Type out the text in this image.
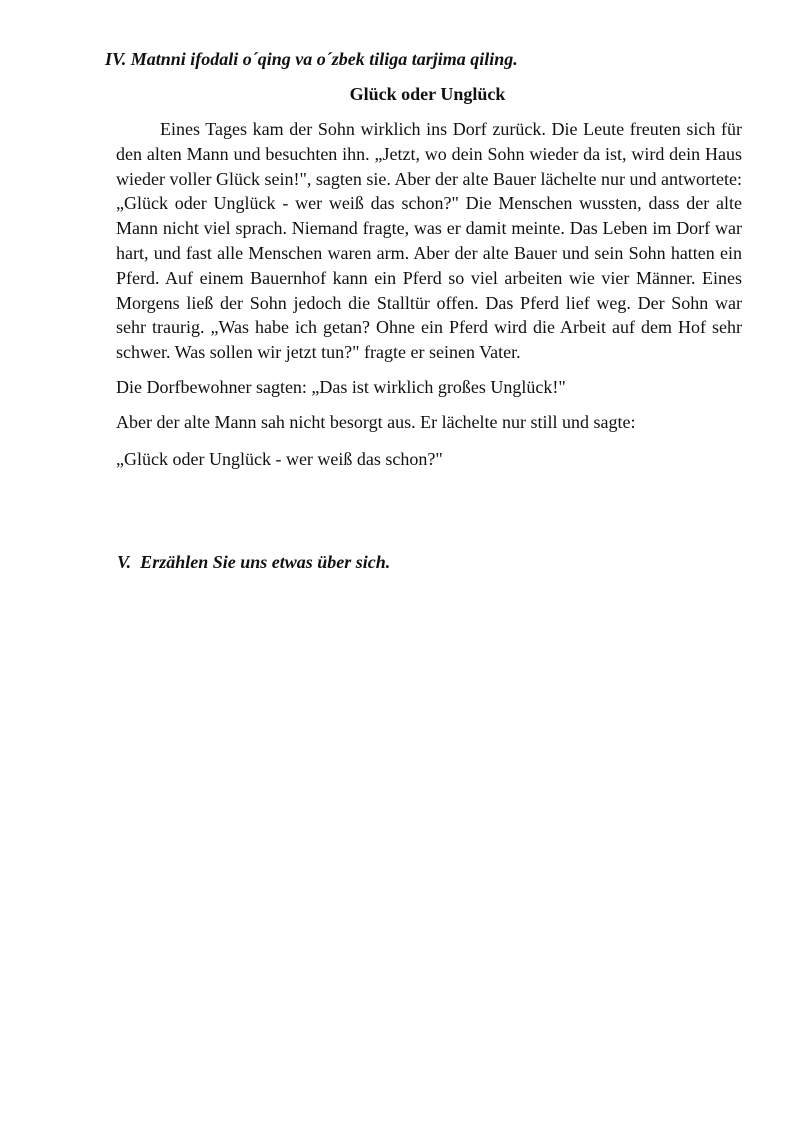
IV. Matnni ifodali o´qing va o´zbek tiliga tarjima qiling.
Glück oder Unglück

Eines Tages kam der Sohn wirklich ins Dorf zurück. Die Leute freuten sich für den alten Mann und besuchten ihn. „Jetzt, wo dein Sohn wieder da ist, wird dein Haus wieder voller Glück sein!", sagten sie. Aber der alte Bauer lächelte nur und antwortete: „Glück oder Unglück - wer weiß das schon?" Die Menschen wussten, dass der alte Mann nicht viel sprach. Niemand fragte, was er damit meinte. Das Leben im Dorf war hart, und fast alle Menschen waren arm. Aber der alte Bauer und sein Sohn hatten ein Pferd. Auf einem Bauernhof kann ein Pferd so viel arbeiten wie vier Männer. Eines Morgens ließ der Sohn jedoch die Stalltür offen. Das Pferd lief weg. Der Sohn war sehr traurig. „Was habe ich getan? Ohne ein Pferd wird die Arbeit auf dem Hof sehr schwer. Was sollen wir jetzt tun?" fragte er seinen Vater.

Die Dorfbewohner sagten: „Das ist wirklich großes Unglück!"

Aber der alte Mann sah nicht besorgt aus. Er lächelte nur still und sagte:

„Glück oder Unglück - wer weiß das schon?"

V.  Erzählen Sie uns etwas über sich.
